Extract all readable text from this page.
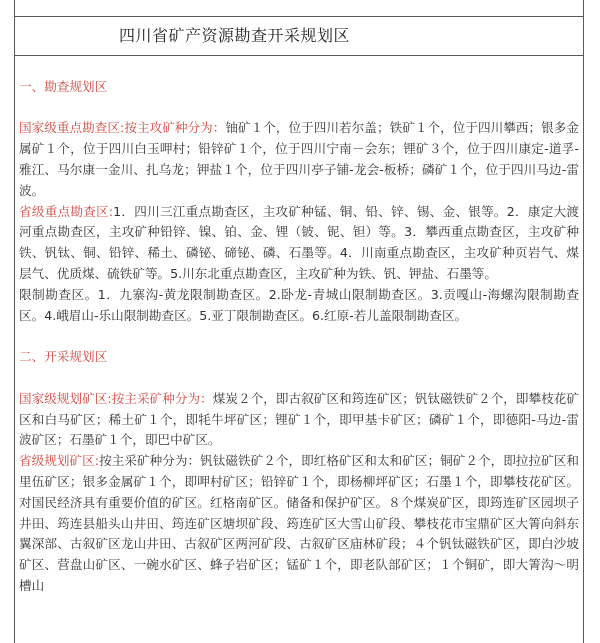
四川省矿产资源勘查开采规划区

一、勘查规划区

国家级重点勘查区:按主攻矿种分为：铀矿１个，位于四川若尔盖；铁矿１个，位于四川攀西；银多金属矿１个，位于四川白玉呷村；铅锌矿１个，位于四川宁南－会东；锂矿３个，位于四川康定-道孚-雅江、马尔康一金川、扎乌龙；钾盐１个，位于四川亭子铺-龙会-板桥；磷矿１个，位于四川马边-雷波。

省级重点勘查区:1．四川三江重点勘查区，主攻矿种锰、铜、铅、锌、锡、金、银等。2．康定大渡河重点勘查区，主攻矿种铅锌、镍、铂、金、锂（铍、铌、钽）等。3．攀西重点勘查区，主攻矿种铁、钒钛、铜、铅锌、稀土、磷铋、碲铋、磷、石墨等。4．川南重点勘查区，主攻矿种页岩气、煤层气、优质煤、硫铁矿等。5.川东北重点勘查区，主攻矿种为铁、钒、钾盐、石墨等。

限制勘查区。1．九寨沟-黄龙限制勘查区。2.卧龙-青城山限制勘查区。3.贡嘎山-海螺沟限制勘查区。4.峨眉山-乐山限制勘查区。5.亚丁限制勘查区。6.红原-若儿盖限制勘查区。

二、开采规划区

国家级规划矿区:按主采矿种分为：煤炭２个，即古叙矿区和筠连矿区；钒钛磁铁矿２个，即攀枝花矿区和白马矿区；稀土矿１个，即牦牛坪矿区；锂矿１个，即甲基卡矿区；磷矿１个，即德阳-马边-雷波矿区；石墨矿１个，即巴中矿区。

省级规划矿区:按主采矿种分为：钒钛磁铁矿２个，即红格矿区和太和矿区；铜矿２个，即拉拉矿区和里伍矿区；银多金属矿１个，即呷村矿区；铅锌矿１个，即杨柳坪矿区；石墨１个，即攀枝花矿区。对国民经济具有重要价值的矿区。红格南矿区。储备和保护矿区。８个煤炭矿区，即筠连矿区园坝子井田、筠连县船头山井田、筠连矿区塘坝矿段、筠连矿区大雪山矿段、攀枝花市宝鼎矿区大箐向斜东翼深部、古叙矿区龙山井田、古叙矿区两河矿段、古叙矿区庙林矿段；４个钒钛磁铁矿区，即白沙坡矿区、营盘山矿区、一碗水矿区、蜂子岩矿区；锰矿１个，即老队部矿区；１个铜矿，即大箐沟～明槽山
